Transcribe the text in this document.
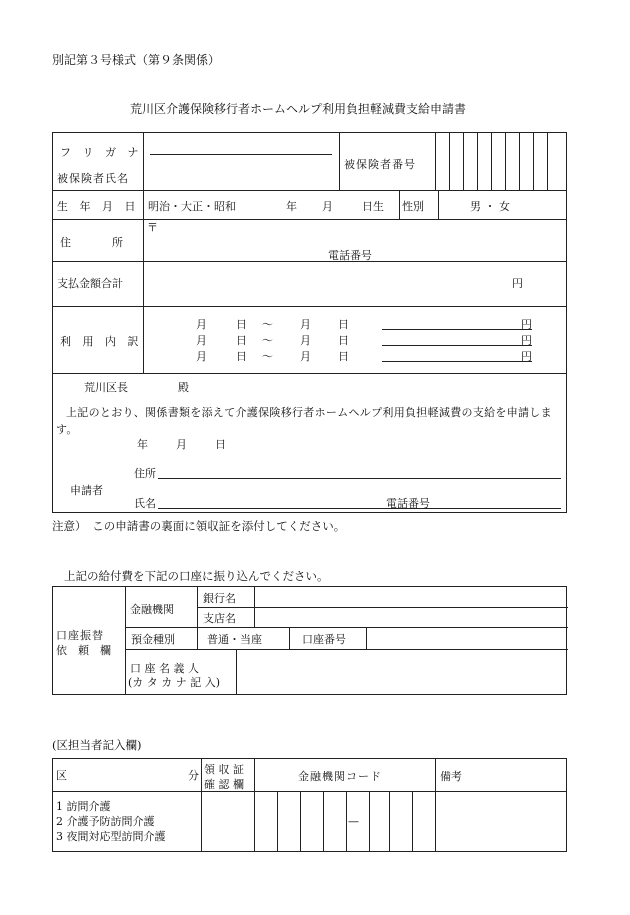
別記第３号様式（第９条関係）
荒川区介護保険移行者ホームヘルプ利用負担軽減費支給申請書
フ リ ガ ナ
被保険者氏名
被保険者番号
生 年 月 日 明治・大正・昭和	年 月	日生 性別	男 ・ 女
住　　　所
〒
電話番号
支払金額合計	円
利 用 内 訳
月	日 ～ 月 日	円
月	日 ～ 月 日	円
月	日 ～ 月 日	円
荒川区長	殿
上記のとおり、関係書類を添えて介護保険移行者ホームヘルプ利用負担軽減費の支給を申請します。
年	月	日
住所
申請者
氏名	電話番号
注意）　この申請書の裏面に領収証を添付してください。
上記の給付費を下記の口座に振り込んでください。
口座振替
依　頼　欄
金融機関
銀行名
支店名
預金種別	普通・当座	口座番号
口 座 名 義 人
(カ タ カ ナ 記 入)
(区担当者記入欄)
区	分 領 収 証
確 認 欄
金融機関コード	備考
1 訪問介護
2 介護予防訪問介護
3 夜間対応型訪問介護
—
